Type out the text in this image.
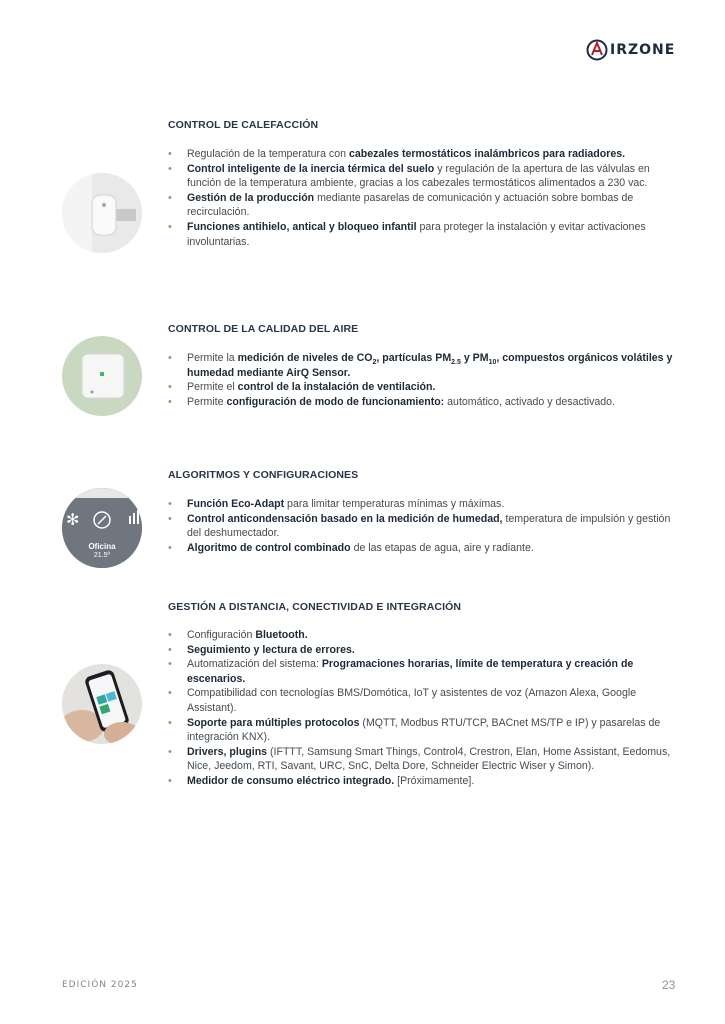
IRZONE
CONTROL DE CALEFACCIÓN
• Regulación de la temperatura con cabezales termostáticos inalámbricos para radiadores.
• Control inteligente de la inercia térmica del suelo y regulación de la apertura de las válvulas en función de la temperatura ambiente, gracias a los cabezales termostáticos alimentados a 230 vac.
• Gestión de la producción mediante pasarelas de comunicación y actuación sobre bombas de recirculación.
• Funciones antihielo, antical y bloqueo infantil para proteger la instalación y evitar activaciones involuntarias.
CONTROL DE LA CALIDAD DEL AIRE
• Permite la medición de niveles de $CO_2$, partículas $PM_{2.5}$ y $PM_{10}$, compuestos orgánicos volátiles y humedad mediante AirQ Sensor.
• Permite el control de la instalación de ventilación.
• Permite configuración de modo de funcionamiento: automático, activado y desactivado.
ALGORITMOS Y CONFIGURACIONES
✻
Oficina
21.5º
• Función Eco-Adapt para limitar temperaturas mínimas y máximas.
• Control anticondensación basado en la medición de humedad, temperatura de impulsión y gestión del deshumectador.
• Algoritmo de control combinado de las etapas de agua, aire y radiante.
GESTIÓN A DISTANCIA, CONECTIVIDAD E INTEGRACIÓN
• Configuración Bluetooth.
• Seguimiento y lectura de errores.
• Automatización del sistema: Programaciones horarias, límite de temperatura y creación de escenarios.
• Compatibilidad con tecnologías BMS/Domótica, IoT y asistentes de voz (Amazon Alexa, Google Assistant).
• Soporte para múltiples protocolos (MQTT, Modbus RTU/TCP, BACnet MS/TP e IP) y pasarelas de integración KNX).
• Drivers, plugins (IFTTT, Samsung Smart Things, Control4, Crestron, Elan, Home Assistant, Eedomus, Nice, Jeedom, RTI, Savant, URC, SnC, Delta Dore, Schneider Electric Wiser y Simon).
• Medidor de consumo eléctrico integrado. [Próximamente].
EDICIÓN 2025	23
